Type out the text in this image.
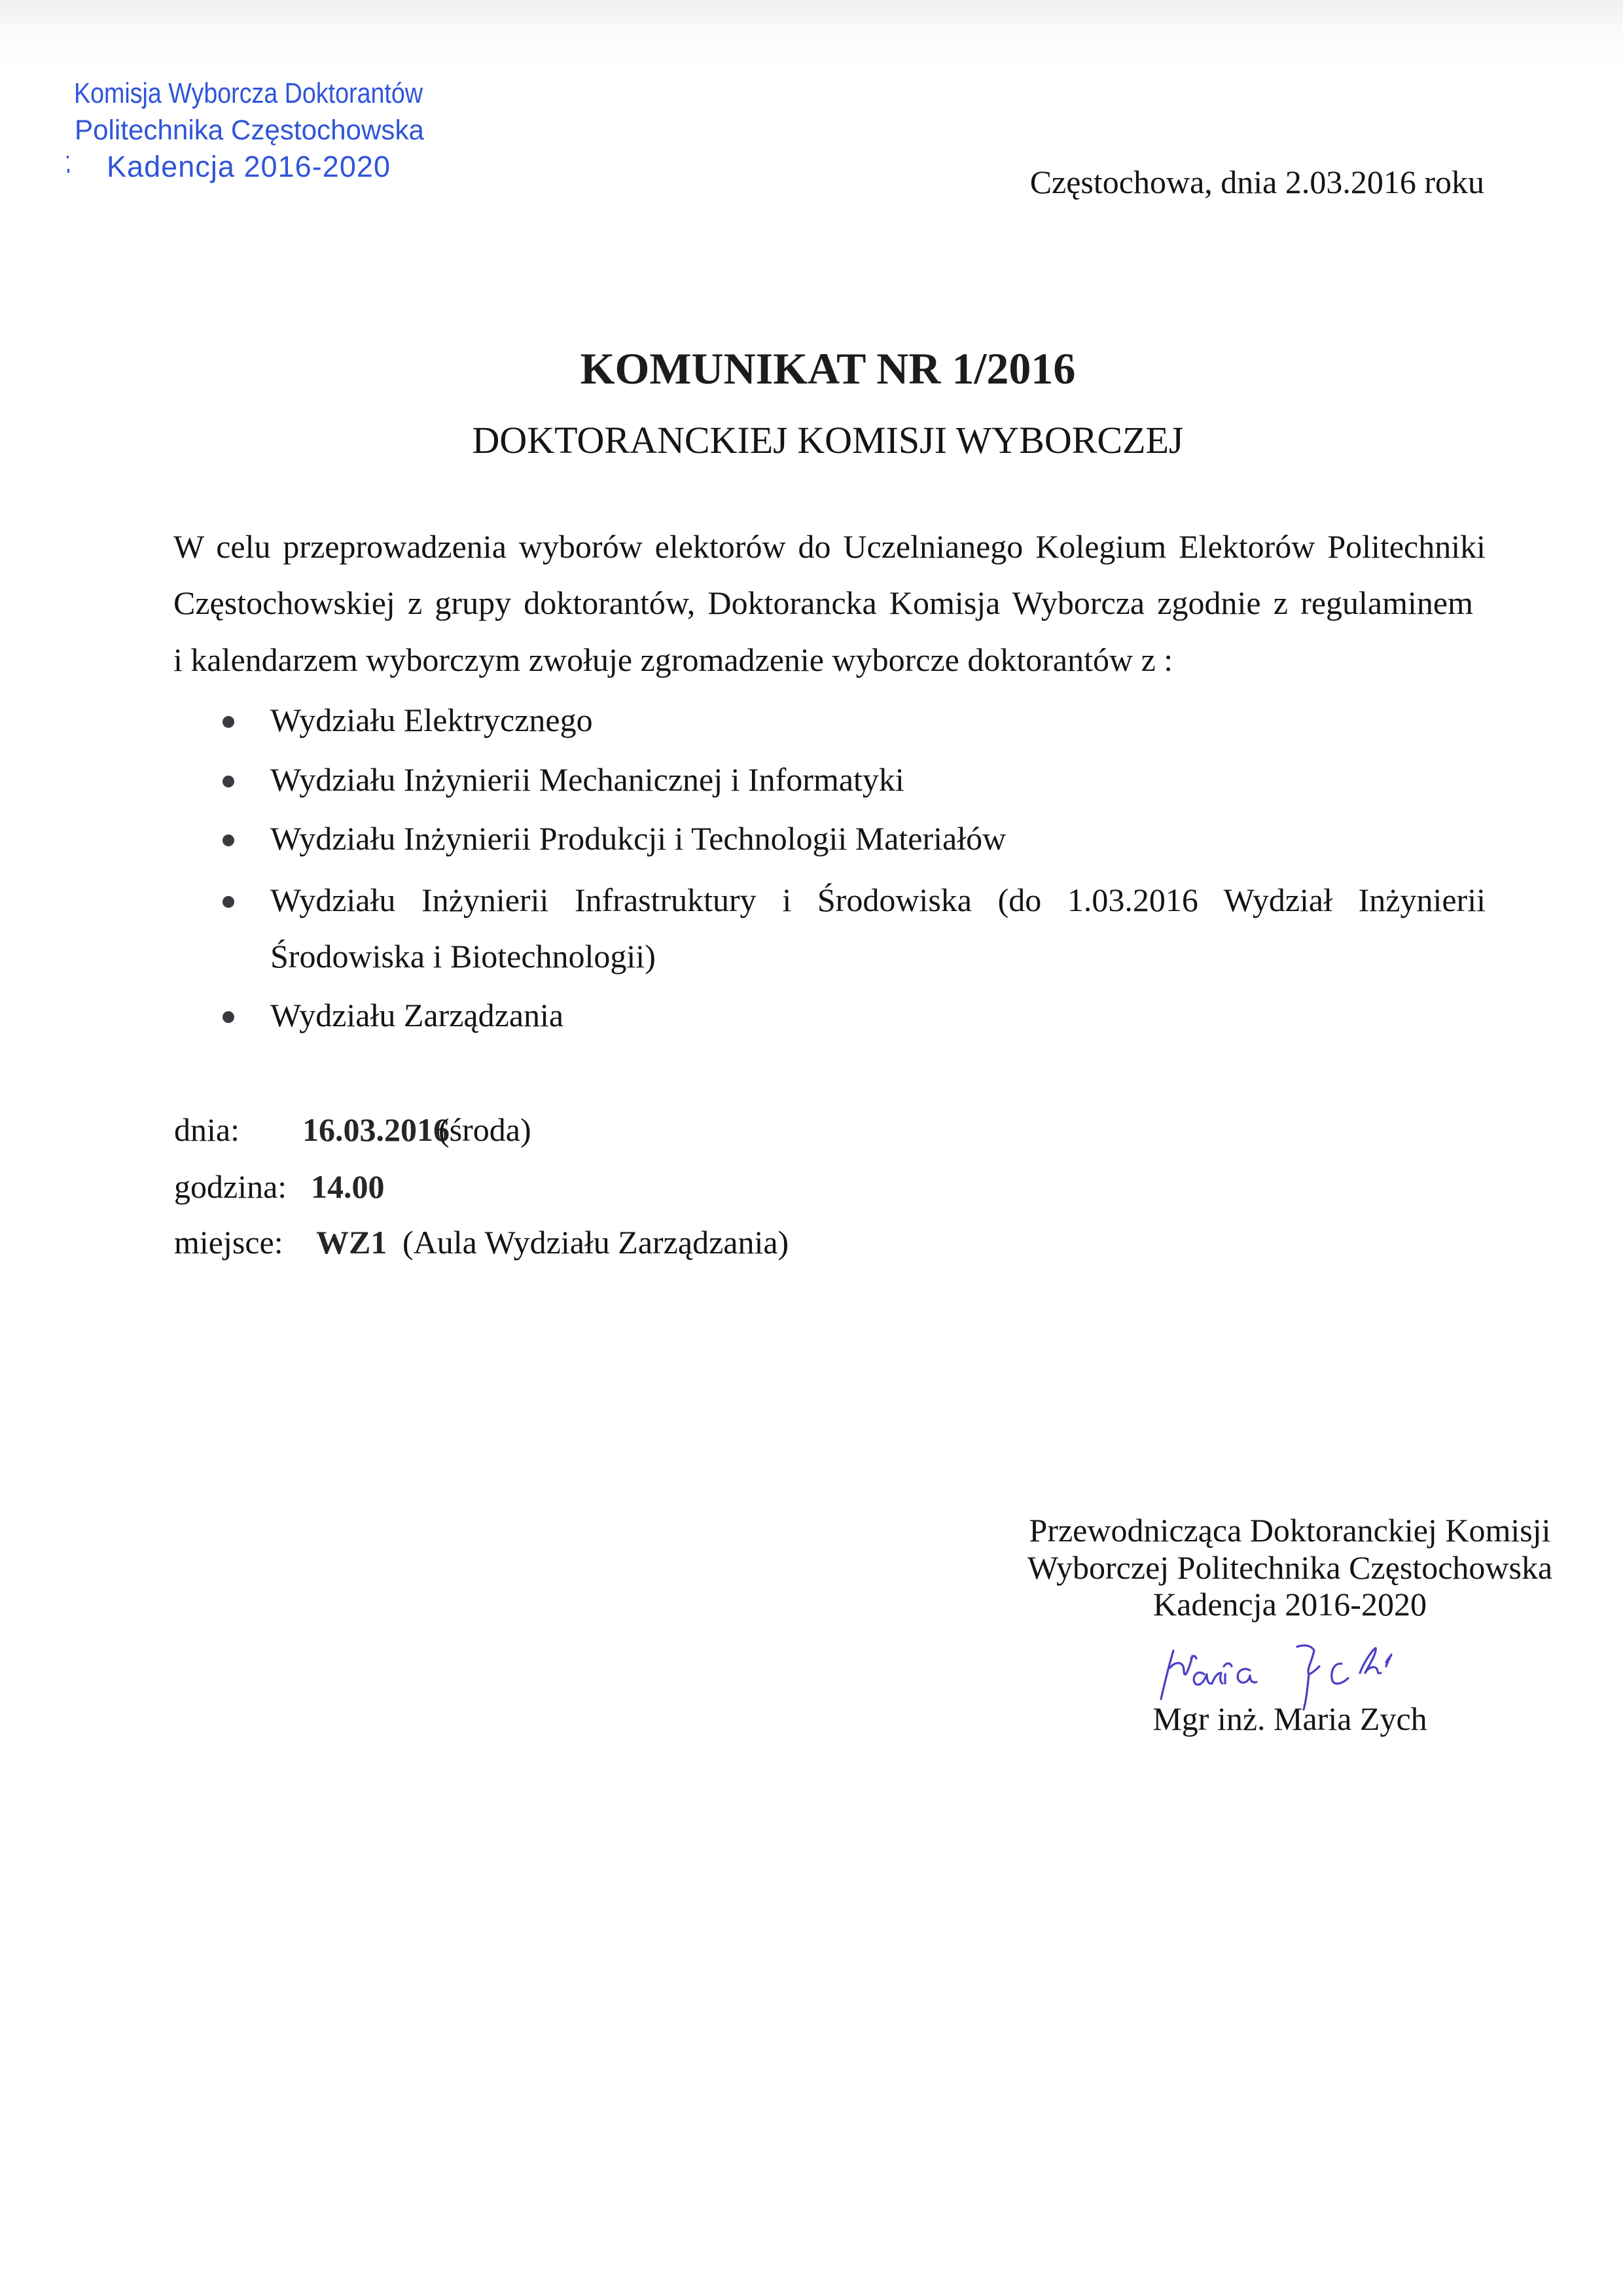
Komisja Wyborcza Doktorantów
Politechnika Częstochowska
Kadencja 2016-2020	Częstochowa, dnia 2.03.2016 roku
KOMUNIKAT NR 1/2016
DOKTORANCKIEJ KOMISJI WYBORCZEJ
W celu przeprowadzenia wyborów elektorów do Uczelnianego Kolegium Elektorów Politechniki
Częstochowskiej z grupy doktorantów, Doktorancka Komisja Wyborcza zgodnie z regulaminem
i kalendarzem wyborczym zwołuje zgromadzenie wyborcze doktorantów z :
Wydziału Elektrycznego
Wydziału Inżynierii Mechanicznej i Informatyki
Wydziału Inżynierii Produkcji i Technologii Materiałów
Wydziału Inżynierii Infrastruktury i Środowiska (do 1.03.2016 Wydział Inżynierii
Środowiska i Biotechnologii)
Wydziału Zarządzania
dnia: 16.03.2016
(środa)
godzina: 14.00
miejsce: WZ1 (Aula Wydziału Zarządzania)
Przewodnicząca Doktoranckiej Komisji
Wyborczej Politechnika Częstochowska
Kadencja 2016-2020
Mgr inż. Maria Zych
